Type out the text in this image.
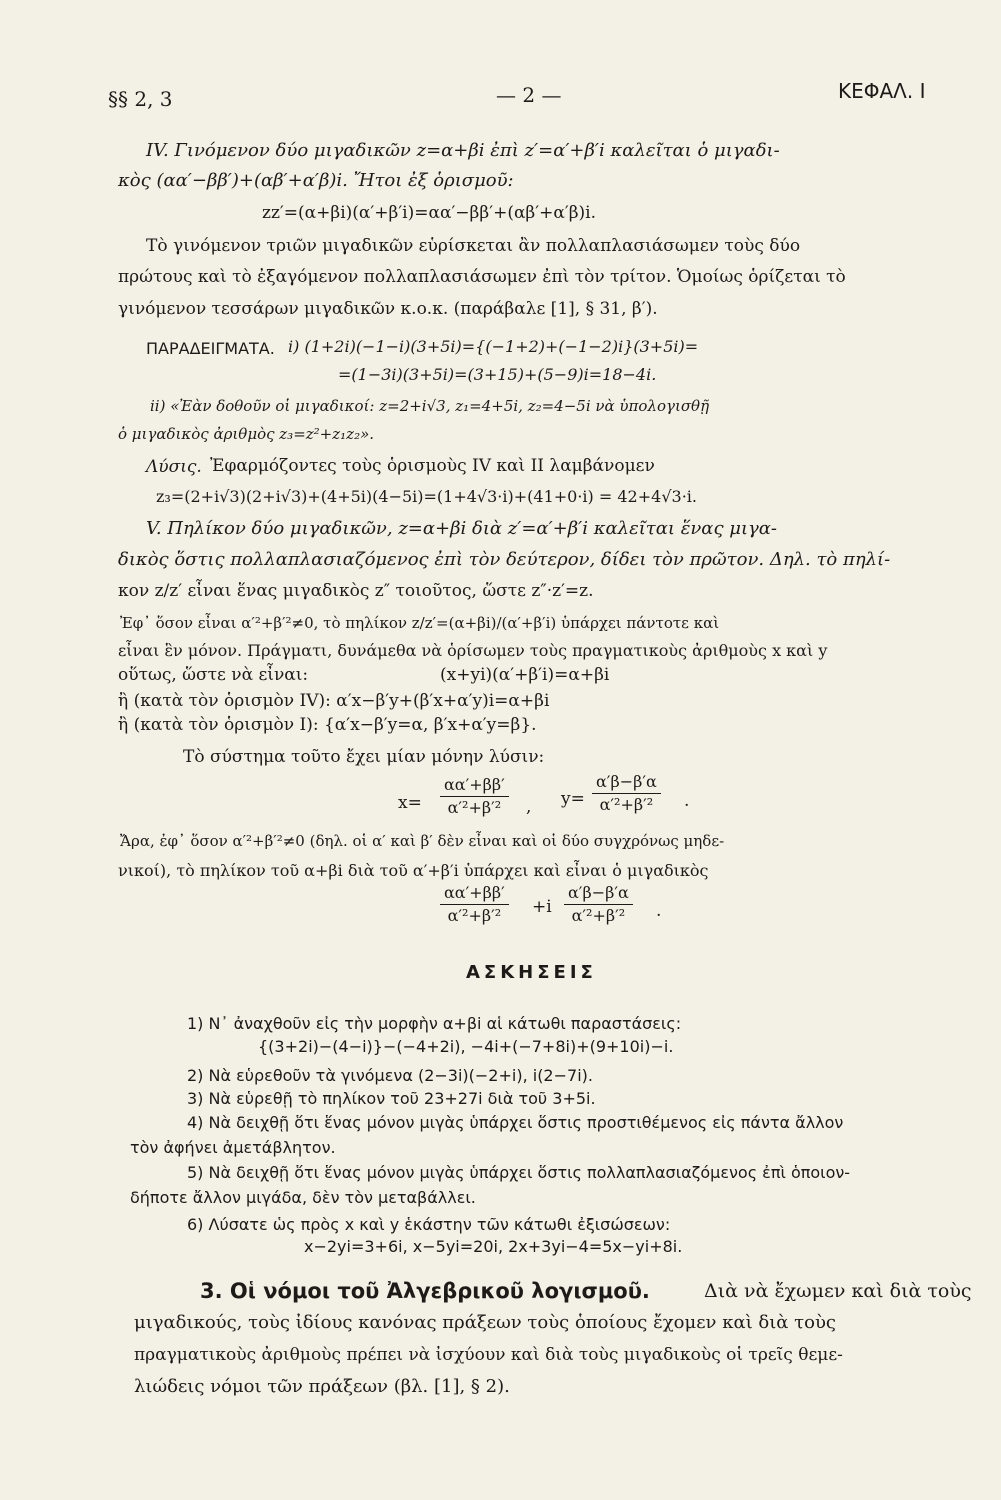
§§ 2, 3	— 2 —	ΚΕΦΑΛ. Ι
IV. Γινόμενον δύο μιγαδικῶν z=α+βi ἐπὶ z′=α′+β′i καλεῖται ὁ μιγαδι-
κὸς (αα′−ββ′)+(αβ′+α′β)i. Ἤτοι ἐξ ὁρισμοῦ:
zz′=(α+βi)(α′+β′i)=αα′−ββ′+(αβ′+α′β)i.
Τὸ γινόμενον τριῶν μιγαδικῶν εὑρίσκεται ἂν πολλαπλασιάσωμεν τοὺς δύο
πρώτους καὶ τὸ ἐξαγόμενον πολλαπλασιάσωμεν ἐπὶ τὸν τρίτον. Ὁμοίως ὁρίζεται τὸ
γινόμενον τεσσάρων μιγαδικῶν κ.ο.κ. (παράβαλε [1], § 31, β′).
ΠΑΡΑΔΕΙΓΜΑΤΑ. i) (1+2i)(−1−i)(3+5i)={(−1+2)+(−1−2)i}(3+5i)=
=(1−3i)(3+5i)=(3+15)+(5−9)i=18−4i.
ii) «Ἐὰν δοθοῦν οἱ μιγαδικοί: z=2+i√3, z₁=4+5i, z₂=4−5i νὰ ὑπολογισθῇ
ὁ μιγαδικὸς ἀριθμὸς z₃=z²+z₁z₂».
Λύσις. Ἐφαρμόζοντες τοὺς ὁρισμοὺς IV καὶ II λαμβάνομεν
z₃=(2+i√3)(2+i√3)+(4+5i)(4−5i)=(1+4√3·i)+(41+0·i) = 42+4√3·i.
V. Πηλίκον δύο μιγαδικῶν, z=α+βi διὰ z′=α′+β′i καλεῖται ἕνας μιγα-
δικὸς ὅστις πολλαπλασιαζόμενος ἐπὶ τὸν δεύτερον, δίδει τὸν πρῶτον. Δηλ. τὸ πηλί-
κον z/z′ εἶναι ἕνας μιγαδικὸς z″ τοιοῦτος, ὥστε z″·z′=z.
Ἐφ᾿ ὅσον εἶναι α′²+β′²≠0, τὸ πηλίκον z/z′=(α+βi)/(α′+β′i) ὑπάρχει πάντοτε καὶ
εἶναι ἓν μόνον. Πράγματι, δυνάμεθα νὰ ὁρίσωμεν τοὺς πραγματικοὺς ἀριθμοὺς x καὶ y
οὕτως, ὥστε νὰ εἶναι:	(x+yi)(α′+β′i)=α+βi
ἢ (κατὰ τὸν ὁρισμὸν IV): α′x−β′y+(β′x+α′y)i=α+βi
ἢ (κατὰ τὸν ὁρισμὸν I): {α′x−β′y=α, β′x+α′y=β}.
Τὸ σύστημα τοῦτο ἔχει μίαν μόνην λύσιν:
$x= \frac{\alpha\alpha'+\beta\beta'}{\text{α′²+β′²}}$ , $y= \frac{\alpha'\beta-\beta'\alpha}{\text{α′²+β′²}}$ .
Ἄρα, ἐφ᾿ ὅσον α′²+β′²≠0 (δηλ. οἱ α′ καὶ β′ δὲν εἶναι καὶ οἱ δύο συγχρόνως μηδε-
νικοί), τὸ πηλίκον τοῦ α+βi διὰ τοῦ α′+β′i ὑπάρχει καὶ εἶναι ὁ μιγαδικὸς
$\frac{\alpha\alpha'+\beta\beta'}{\text{α′²+β′²}} +i \frac{\alpha'\beta-\beta'\alpha}{\text{α′²+β′²}}$ .
ΑΣΚΗΣΕΙΣ
1) Ν᾿ ἀναχθοῦν εἰς τὴν μορφὴν α+βi αἱ κάτωθι παραστάσεις:
{(3+2i)−(4−i)}−(−4+2i), −4i+(−7+8i)+(9+10i)−i.
2) Νὰ εὑρεθοῦν τὰ γινόμενα (2−3i)(−2+i), i(2−7i).
3) Νὰ εὑρεθῇ τὸ πηλίκον τοῦ 23+27i διὰ τοῦ 3+5i.
4) Νὰ δειχθῇ ὅτι ἕνας μόνον μιγὰς ὑπάρχει ὅστις προστιθέμενος εἰς πάντα ἄλλον
τὸν ἀφήνει ἀμετάβλητον.
5) Νὰ δειχθῇ ὅτι ἕνας μόνον μιγὰς ὑπάρχει ὅστις πολλαπλασιαζόμενος ἐπὶ ὁποιον-
δήποτε ἄλλον μιγάδα, δὲν τὸν μεταβάλλει.
6) Λύσατε ὡς πρὸς x καὶ y ἑκάστην τῶν κάτωθι ἐξισώσεων:
x−2yi=3+6i, x−5yi=20i, 2x+3yi−4=5x−yi+8i.
3. Οἱ νόμοι τοῦ Ἀλγεβρικοῦ λογισμοῦ.	Διὰ νὰ ἔχωμεν καὶ διὰ τοὺς
μιγαδικούς, τοὺς ἰδίους κανόνας πράξεων τοὺς ὁποίους ἔχομεν καὶ διὰ τοὺς
πραγματικοὺς ἀριθμοὺς πρέπει νὰ ἰσχύουν καὶ διὰ τοὺς μιγαδικοὺς οἱ τρεῖς θεμε-
λιώδεις νόμοι τῶν πράξεων (βλ. [1], § 2).
